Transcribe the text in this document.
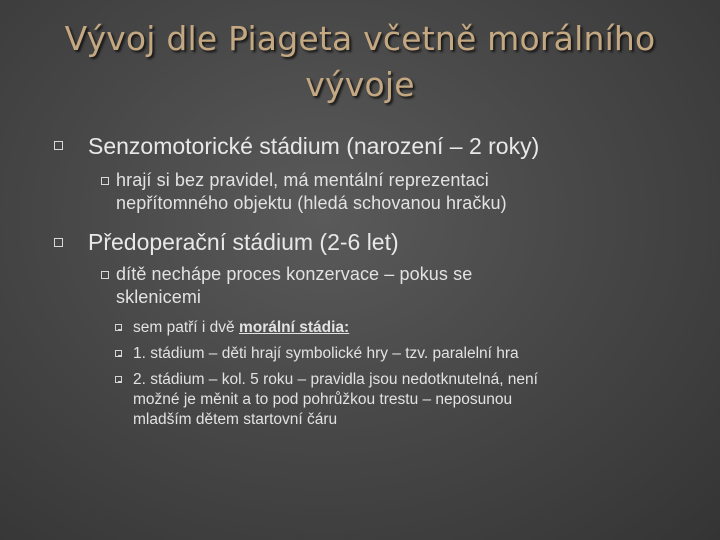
Vývoj dle Piageta včetně morálního
vývoje
Senzomotorické stádium (narození – 2 roky)
hrají si bez pravidel, má mentální reprezentaci
nepřítomného objektu (hledá schovanou hračku)
Předoperační stádium (2-6 let)
dítě nechápe proces konzervace – pokus se
sklenicemi
sem patří i dvě morální stádia:
1. stádium – děti hrají symbolické hry – tzv. paralelní hra
2. stádium – kol. 5 roku – pravidla jsou nedotknutelná, není
možné je měnit a to pod pohrůžkou trestu – neposunou
mladším dětem startovní čáru
